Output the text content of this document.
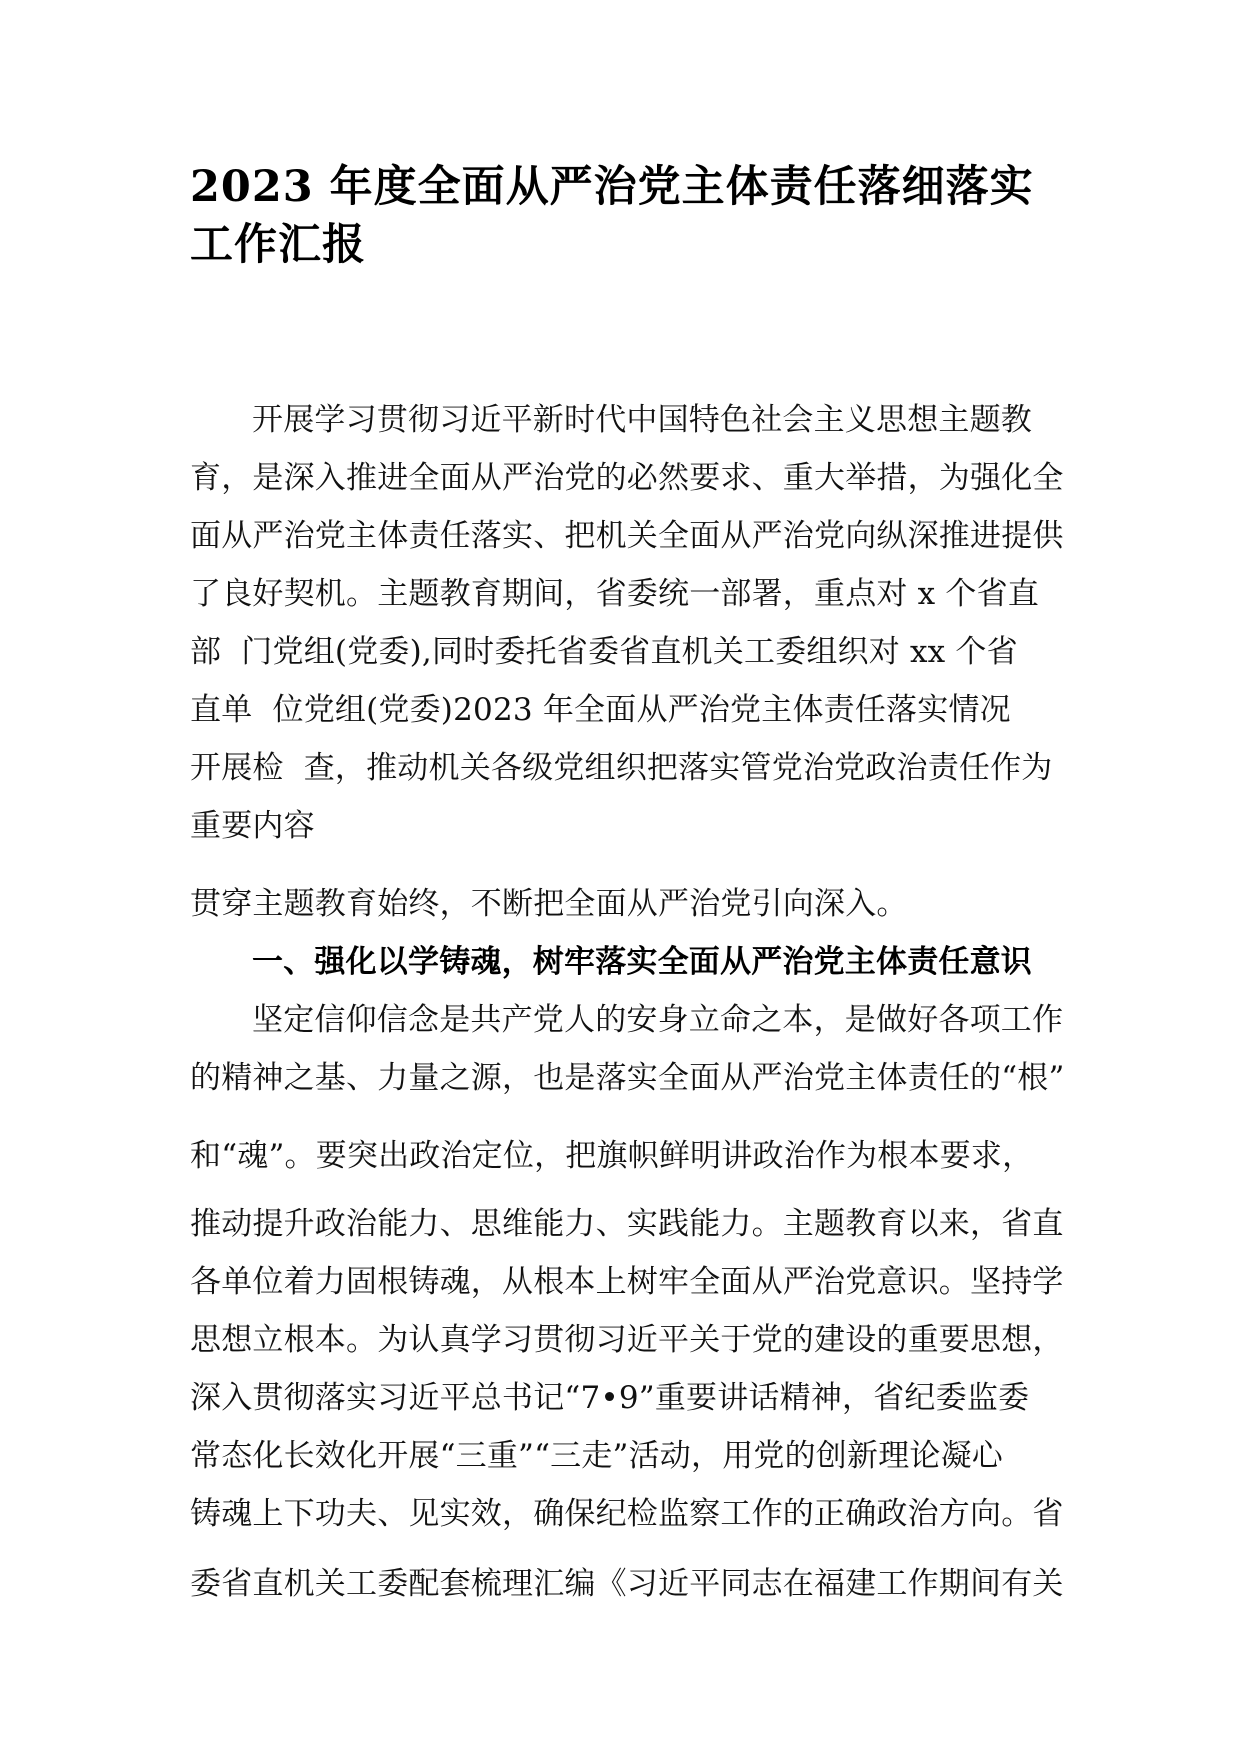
2023 年度全面从严治党主体责任落细落实
工作汇报

开展学习贯彻习近平新时代中国特色社会主义思想主题教

育，是深入推进全面从严治党的必然要求、重大举措，为强化全

面从严治党主体责任落实、把机关全面从严治党向纵深推进提供

了良好契机。主题教育期间，省委统一部署，重点对 x 个省直

部  门党组(党委),同时委托省委省直机关工委组织对 xx 个省

直单  位党组(党委)2023 年全面从严治党主体责任落实情况

开展检  查，推动机关各级党组织把落实管党治党政治责任作为

重要内容

贯穿主题教育始终，不断把全面从严治党引向深入。

一、强化以学铸魂，树牢落实全面从严治党主体责任意识

坚定信仰信念是共产党人的安身立命之本，是做好各项工作

的精神之基、力量之源，也是落实全面从严治党主体责任的“根”

和“魂”。要突出政治定位，把旗帜鲜明讲政治作为根本要求，

推动提升政治能力、思维能力、实践能力。主题教育以来，省直

各单位着力固根铸魂，从根本上树牢全面从严治党意识。坚持学

思想立根本。为认真学习贯彻习近平关于党的建设的重要思想，

深入贯彻落实习近平总书记“7•9”重要讲话精神，省纪委监委

常态化长效化开展“三重”“三走”活动，用党的创新理论凝心

铸魂上下功夫、见实效，确保纪检监察工作的正确政治方向。省

委省直机关工委配套梳理汇编《习近平同志在福建工作期间有关
